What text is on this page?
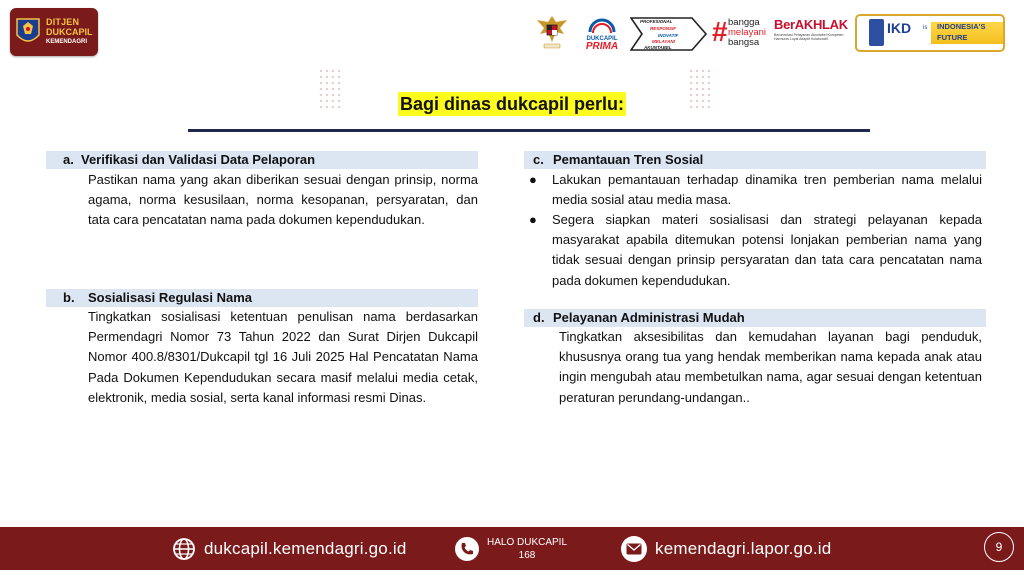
DITJEN
DUKCAPIL
KEMENDAGRI	DUKCAPIL
PRIMA
PROFESIONAL
RESPONSIF
INOVATIF
MELAYANI
AKUNTABEL
# bangga
melayani
bangsa
BerAKHLAK
Berorientasi Pelayanan Akuntabel Kompeten Harmonis Loyal Adaptif Kolaboratif
IKD is INDONESIA'S
FUTURE
Bagi dinas dukcapil perlu:
a. Verifikasi dan Validasi Data Pelaporan
Pastikan nama yang akan diberikan sesuai dengan prinsip, norma agama, norma kesusilaan, norma kesopanan, persyaratan, dan tata cara pencatatan nama pada dokumen kependudukan.
b. Sosialisasi Regulasi Nama
Tingkatkan sosialisasi ketentuan penulisan nama berdasarkan Permendagri Nomor 73 Tahun 2022 dan Surat Dirjen Dukcapil Nomor 400.8/8301/Dukcapil tgl 16 Juli 2025 Hal Pencatatan Nama Pada Dokumen Kependudukan secara masif melalui media cetak, elektronik, media sosial, serta kanal informasi resmi Dinas.
c. Pemantauan Tren Sosial
● Lakukan pemantauan terhadap dinamika tren pemberian nama melalui media sosial atau media masa.
● Segera siapkan materi sosialisasi dan strategi pelayanan kepada masyarakat apabila ditemukan potensi lonjakan pemberian nama yang tidak sesuai dengan prinsip persyaratan dan tata cara pencatatan nama pada dokumen kependudukan.
d. Pelayanan Administrasi Mudah
Tingkatkan aksesibilitas dan kemudahan layanan bagi penduduk, khususnya orang tua yang hendak memberikan nama kepada anak atau ingin mengubah atau membetulkan nama, agar sesuai dengan ketentuan peraturan perundang-undangan..
dukcapil.kemendagri.go.id	HALO DUKCAPIL
168	kemendagri.lapor.go.id	9
